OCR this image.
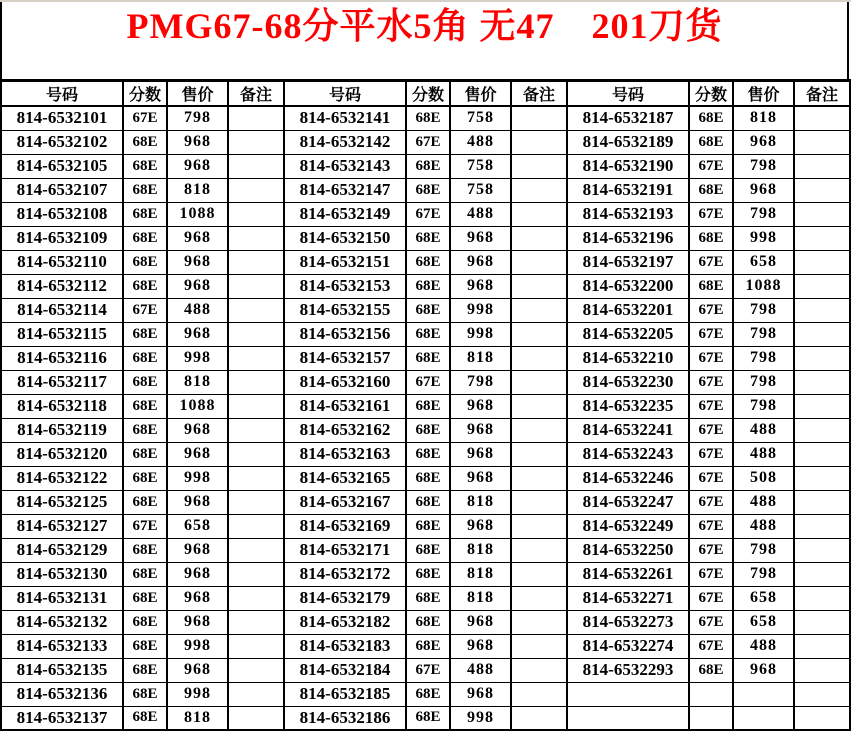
PMG67-68分平水5角 无47　201刀货
号码	分数	售价	备注	号码	分数	售价	备注	号码	分数	售价	备注
814-6532101	67E	798		814-6532141	68E	758		814-6532187	68E	818	
814-6532102	68E	968		814-6532142	67E	488		814-6532189	68E	968	
814-6532105	68E	968		814-6532143	68E	758		814-6532190	67E	798	
814-6532107	68E	818		814-6532147	68E	758		814-6532191	68E	968	
814-6532108	68E	1088		814-6532149	67E	488		814-6532193	67E	798	
814-6532109	68E	968		814-6532150	68E	968		814-6532196	68E	998	
814-6532110	68E	968		814-6532151	68E	968		814-6532197	67E	658	
814-6532112	68E	968		814-6532153	68E	968		814-6532200	68E	1088	
814-6532114	67E	488		814-6532155	68E	998		814-6532201	67E	798	
814-6532115	68E	968		814-6532156	68E	998		814-6532205	67E	798	
814-6532116	68E	998		814-6532157	68E	818		814-6532210	67E	798	
814-6532117	68E	818		814-6532160	67E	798		814-6532230	67E	798	
814-6532118	68E	1088		814-6532161	68E	968		814-6532235	67E	798	
814-6532119	68E	968		814-6532162	68E	968		814-6532241	67E	488	
814-6532120	68E	968		814-6532163	68E	968		814-6532243	67E	488	
814-6532122	68E	998		814-6532165	68E	968		814-6532246	67E	508	
814-6532125	68E	968		814-6532167	68E	818		814-6532247	67E	488	
814-6532127	67E	658		814-6532169	68E	968		814-6532249	67E	488	
814-6532129	68E	968		814-6532171	68E	818		814-6532250	67E	798	
814-6532130	68E	968		814-6532172	68E	818		814-6532261	67E	798	
814-6532131	68E	968		814-6532179	68E	818		814-6532271	67E	658	
814-6532132	68E	968		814-6532182	68E	968		814-6532273	67E	658	
814-6532133	68E	998		814-6532183	68E	968		814-6532274	67E	488	
814-6532135	68E	968		814-6532184	67E	488		814-6532293	68E	968	
814-6532136	68E	998		814-6532185	68E	968					
814-6532137	68E	818		814-6532186	68E	998					
